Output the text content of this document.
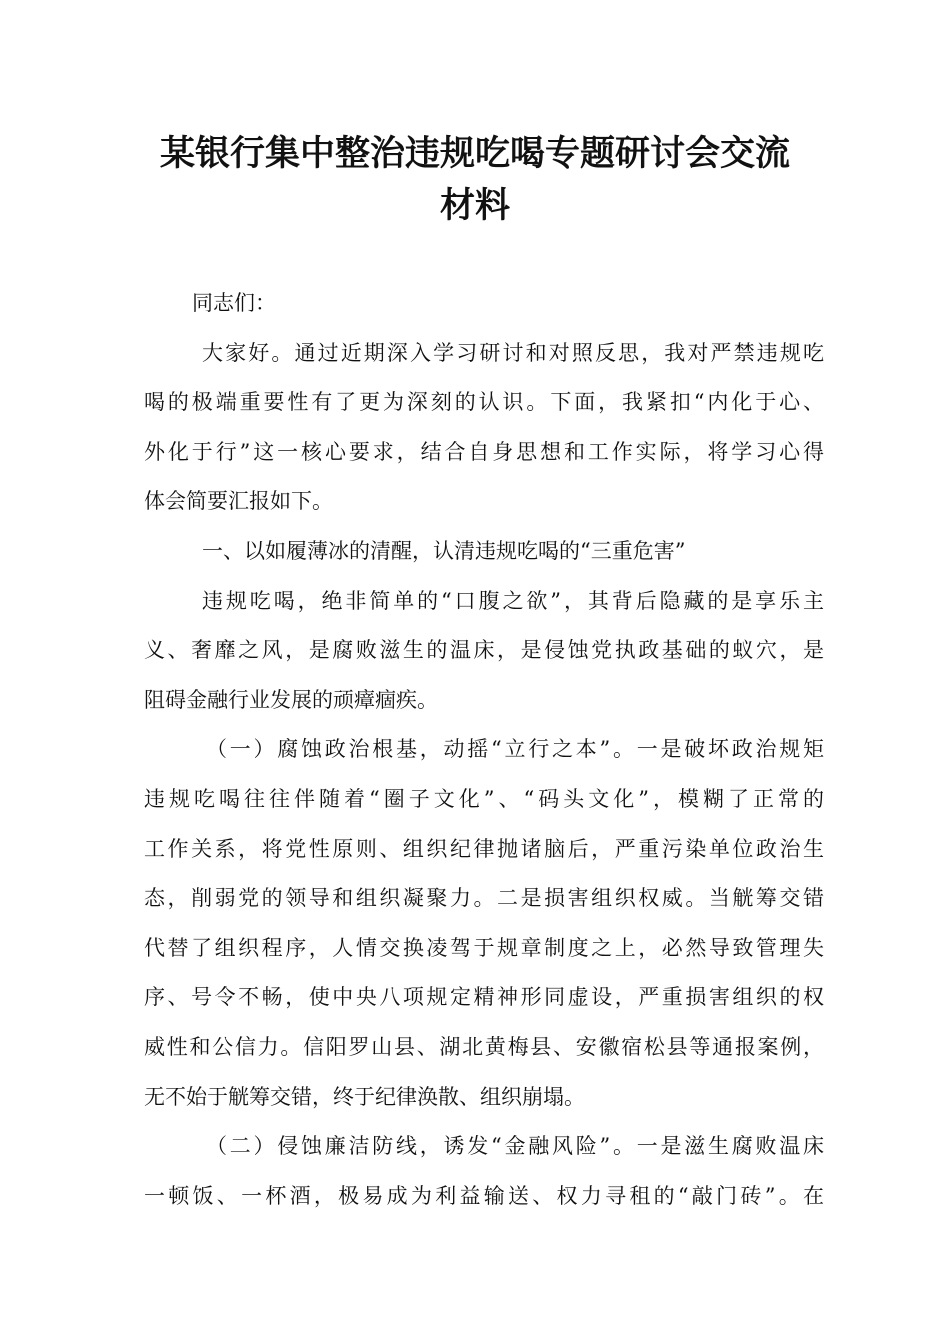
某银行集中整治违规吃喝专题研讨会交流
材料
同志们：
大家好。通过近期深入学习研讨和对照反思，我对严禁违规吃
喝的极端重要性有了更为深刻的认识。下面，我紧扣“内化于心、
外化于行”这一核心要求，结合自身思想和工作实际，将学习心得
体会简要汇报如下。
一、以如履薄冰的清醒，认清违规吃喝的“三重危害”
违规吃喝，绝非简单的“口腹之欲”，其背后隐藏的是享乐主
义、奢靡之风，是腐败滋生的温床，是侵蚀党执政基础的蚁穴，是
阻碍金融行业发展的顽瘴痼疾。
（一）腐蚀政治根基，动摇“立行之本”。一是破坏政治规矩
违规吃喝往往伴随着“圈子文化”、“码头文化”，模糊了正常的
工作关系，将党性原则、组织纪律抛诸脑后，严重污染单位政治生
态，削弱党的领导和组织凝聚力。二是损害组织权威。当觥筹交错
代替了组织程序，人情交换凌驾于规章制度之上，必然导致管理失
序、号令不畅，使中央八项规定精神形同虚设，严重损害组织的权
威性和公信力。信阳罗山县、湖北黄梅县、安徽宿松县等通报案例，
无不始于觥筹交错，终于纪律涣散、组织崩塌。
（二）侵蚀廉洁防线，诱发“金融风险”。一是滋生腐败温床
一顿饭、一杯酒，极易成为利益输送、权力寻租的“敲门砖”。在
